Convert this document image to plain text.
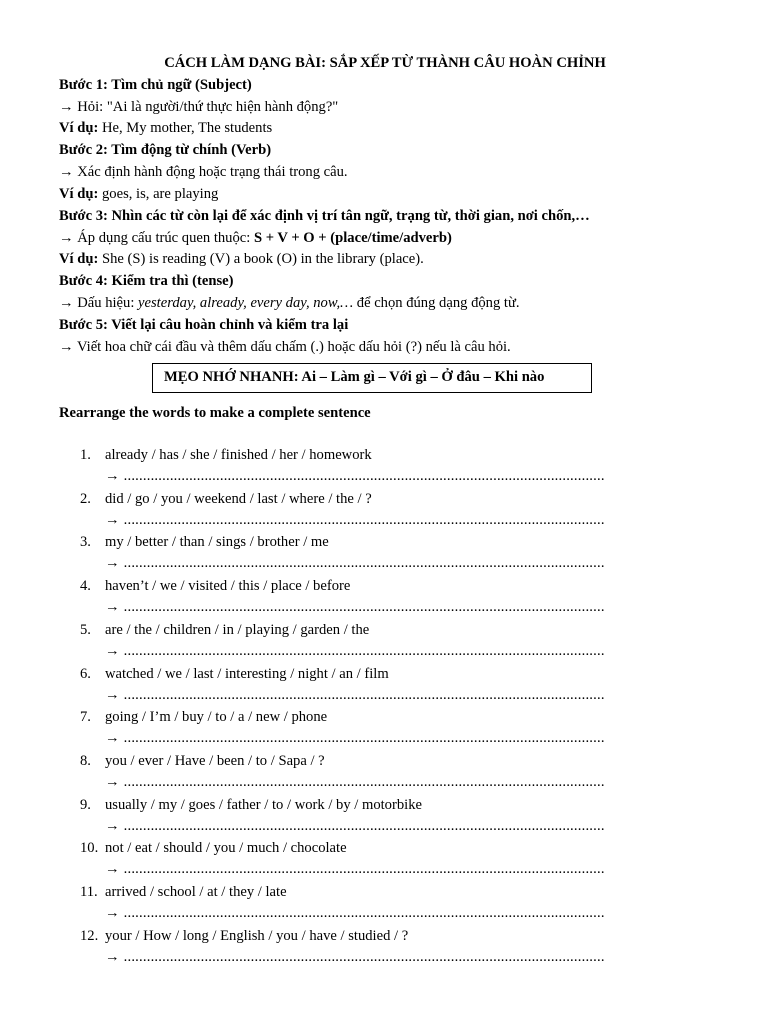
CÁCH LÀM DẠNG BÀI: SẮP XẾP TỪ THÀNH CÂU HOÀN CHỈNH
Bước 1: Tìm chủ ngữ (Subject)
→ Hỏi: "Ai là người/thứ thực hiện hành động?"
Ví dụ: He, My mother, The students
Bước 2: Tìm động từ chính (Verb)
→ Xác định hành động hoặc trạng thái trong câu.
Ví dụ: goes, is, are playing
Bước 3: Nhìn các từ còn lại để xác định vị trí tân ngữ, trạng từ, thời gian, nơi chốn,…
→ Áp dụng cấu trúc quen thuộc: S + V + O + (place/time/adverb)
Ví dụ: She (S) is reading (V) a book (O) in the library (place).
Bước 4: Kiểm tra thì (tense)
→ Dấu hiệu: yesterday, already, every day, now,… để chọn đúng dạng động từ.
Bước 5: Viết lại câu hoàn chỉnh và kiểm tra lại
→ Viết hoa chữ cái đầu và thêm dấu chấm (.) hoặc dấu hỏi (?) nếu là câu hỏi.
MẸO NHỚ NHANH: Ai – Làm gì – Với gì – Ở đâu – Khi nào
Rearrange the words to make a complete sentence
1. already / has / she / finished / her / homework
→ .............................................................................................................................
2. did / go / you / weekend / last / where / the / ?
→ .............................................................................................................................
3. my / better / than / sings / brother / me
→ .............................................................................................................................
4. haven’t / we / visited / this / place / before
→ .............................................................................................................................
5. are / the / children / in / playing / garden / the
→ .............................................................................................................................
6. watched / we / last / interesting / night / an / film
→ .............................................................................................................................
7. going / I’m / buy / to / a / new / phone
→ .............................................................................................................................
8. you / ever / Have / been / to / Sapa / ?
→ .............................................................................................................................
9. usually / my / goes / father / to / work / by / motorbike
→ .............................................................................................................................
10. not / eat / should / you / much / chocolate
→ .............................................................................................................................
11. arrived / school / at / they / late
→ .............................................................................................................................
12. your / How / long / English / you / have / studied / ?
→ .............................................................................................................................
